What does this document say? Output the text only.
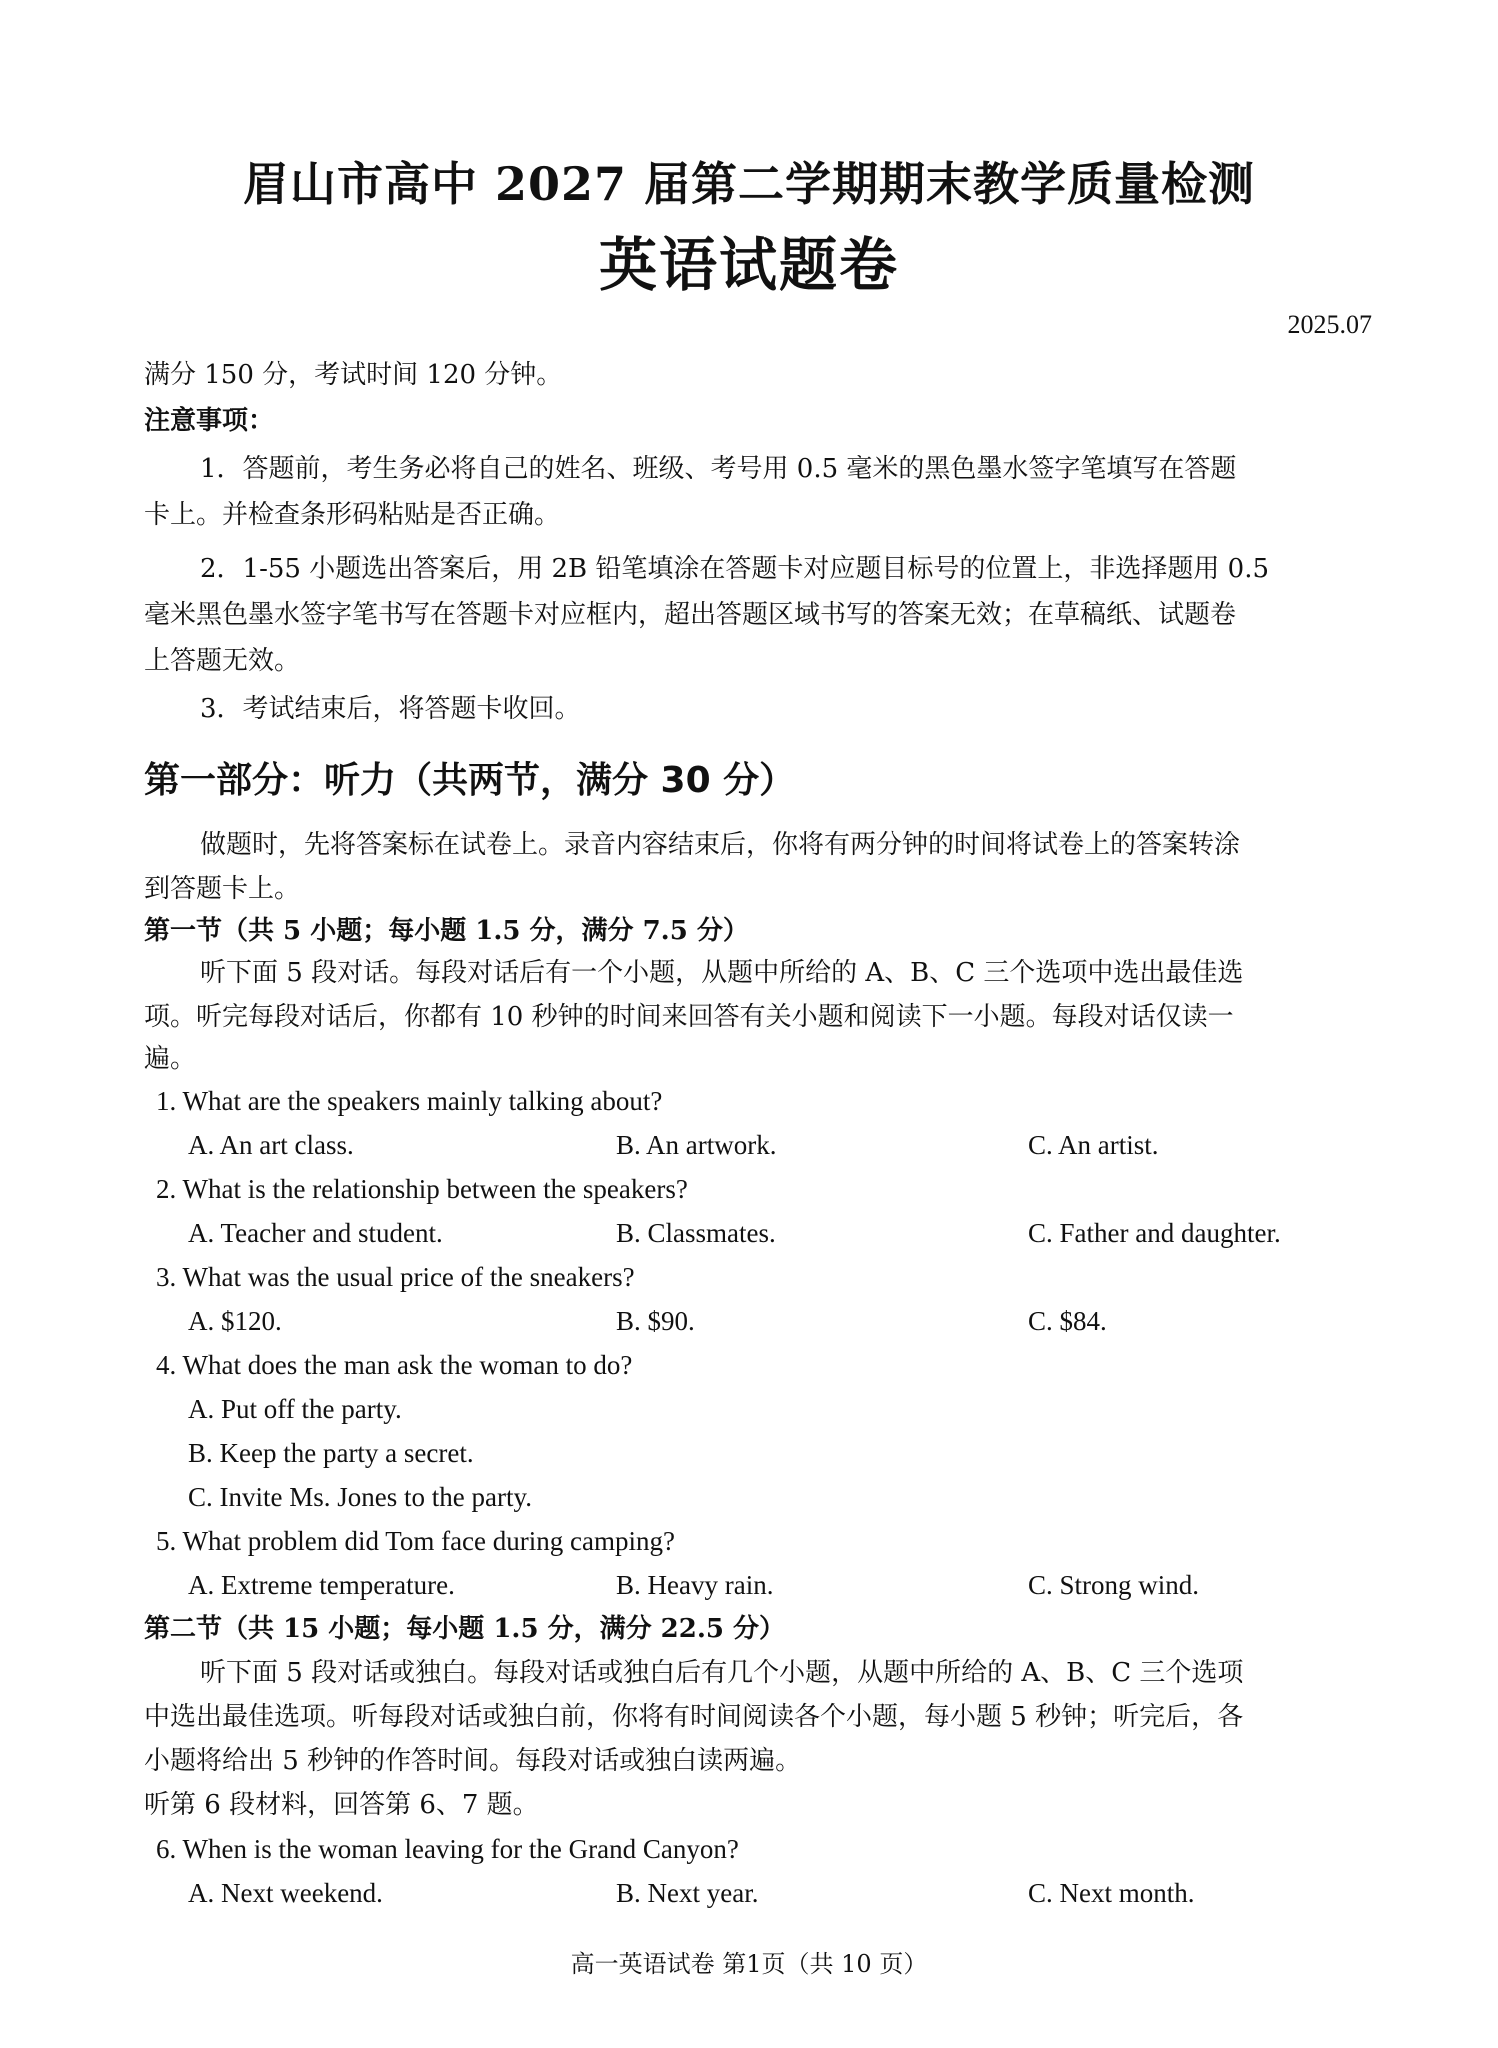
眉山市高中 2027 届第二学期期末教学质量检测
英语试题卷
2025.07
满分 150 分，考试时间 120 分钟。
注意事项：
1．答题前，考生务必将自己的姓名、班级、考号用 0.5 毫米的黑色墨水签字笔填写在答题
卡上。并检查条形码粘贴是否正确。
2．1-55 小题选出答案后，用 2B 铅笔填涂在答题卡对应题目标号的位置上，非选择题用 0.5
毫米黑色墨水签字笔书写在答题卡对应框内，超出答题区域书写的答案无效；在草稿纸、试题卷
上答题无效。
3．考试结束后，将答题卡收回。
第一部分：听力（共两节，满分 30 分）
做题时，先将答案标在试卷上。录音内容结束后，你将有两分钟的时间将试卷上的答案转涂
到答题卡上。
第一节（共 5 小题；每小题 1.5 分，满分 7.5 分）
听下面 5 段对话。每段对话后有一个小题，从题中所给的 A、B、C 三个选项中选出最佳选
项。听完每段对话后，你都有 10 秒钟的时间来回答有关小题和阅读下一小题。每段对话仅读一
遍。
1. What are the speakers mainly talking about?
A. An art class.	B. An artwork.	C. An artist.
2. What is the relationship between the speakers?
A. Teacher and student.	B. Classmates.	C. Father and daughter.
3. What was the usual price of the sneakers?
A. $120.	B. $90.	C. $84.
4. What does the man ask the woman to do?
A. Put off the party.
B. Keep the party a secret.
C. Invite Ms. Jones to the party.
5. What problem did Tom face during camping?
A. Extreme temperature.	B. Heavy rain.	C. Strong wind.
第二节（共 15 小题；每小题 1.5 分，满分 22.5 分）
听下面 5 段对话或独白。每段对话或独白后有几个小题，从题中所给的 A、B、C 三个选项
中选出最佳选项。听每段对话或独白前，你将有时间阅读各个小题，每小题 5 秒钟；听完后，各
小题将给出 5 秒钟的作答时间。每段对话或独白读两遍。
听第 6 段材料，回答第 6、7 题。
6. When is the woman leaving for the Grand Canyon?
A. Next weekend.	B. Next year.	C. Next month.
高一英语试卷 第1页（共 10 页）
